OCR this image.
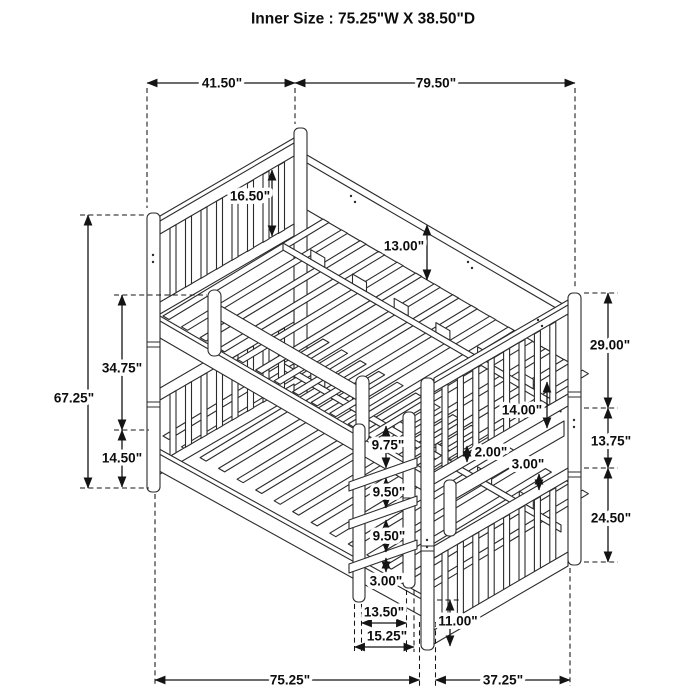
41.50"	79.50"
67.25"
34.75"
14.50"
16.50"
13.00"
29.00"
13.75"
24.50"
14.00"
2.00"
3.00"
9.75"
9.50"
9.50"
3.00"
13.50"
15.25"
11.00"
75.25"	37.25"
Inner Size : 75.25"W X 38.50"D
